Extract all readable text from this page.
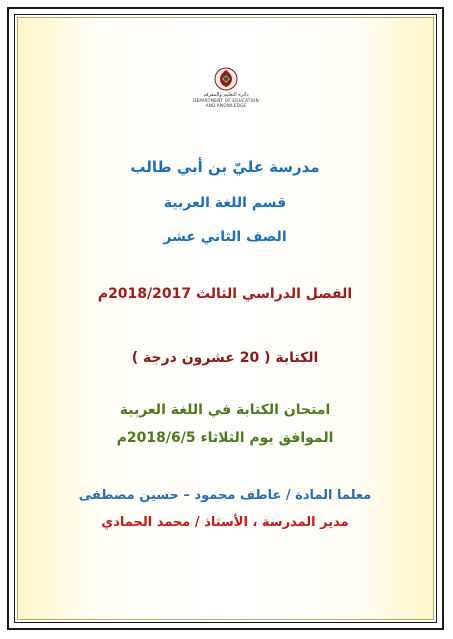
دائرة التعليم والمعرفة
DEPARTMENT OF EDUCATION
AND KNOWLEDGE
مدرسة عليّ بن أبي طالب
قسم اللغة العربية
الصف الثاني عشر
الفصل الدراسي الثالث 2018/2017م
الكتابة ( 20 عشرون درجة )
امتحان الكتابة في اللغة العربية
الموافق يوم الثلاثاء 2018/6/5م
معلما المادة / عاطف محمود – حسين مصطفى
مدير المدرسة ، الأستاذ / محمد الحمادي
